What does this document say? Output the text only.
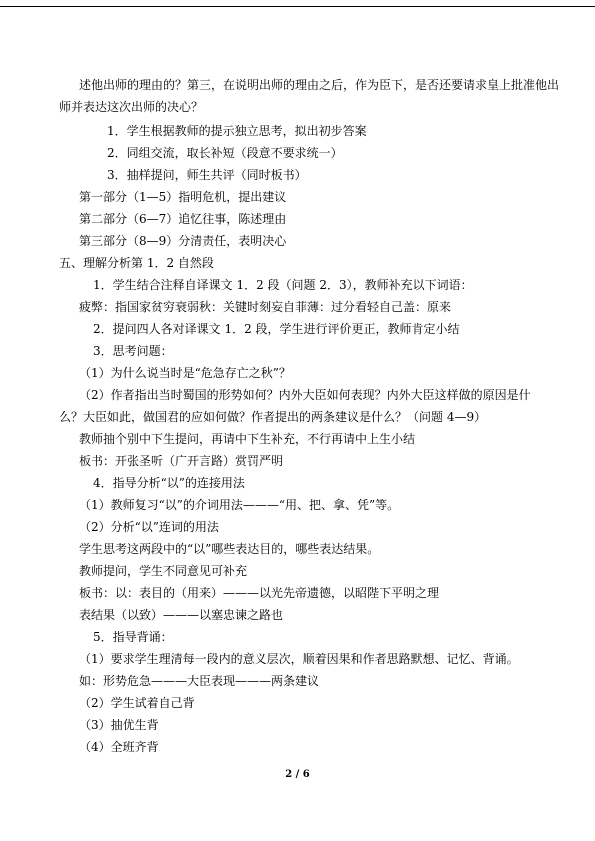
述他出师的理由的？第三，在说明出师的理由之后，作为臣下，是否还要请求皇上批准他出
师并表达这次出师的决心？
1．学生根据教师的提示独立思考，拟出初步答案
2．同组交流，取长补短（段意不要求统一）
3．抽样提问，师生共评（同时板书）
第一部分（1—5）指明危机，提出建议
第二部分（6—7）追忆往事，陈述理由
第三部分（8—9）分清责任，表明决心
五、理解分析第 1．2 自然段
1．学生结合注释自译课文 1．2 段（问题 2．3），教师补充以下词语：
疲弊：指国家贫穷衰弱秋：关键时刻妄自菲薄：过分看轻自己盖：原来
2．提问四人各对译课文 1．2 段，学生进行评价更正，教师肯定小结
3．思考问题：
（1）为什么说当时是“危急存亡之秋”？
（2）作者指出当时蜀国的形势如何？内外大臣如何表现？内外大臣这样做的原因是什
么？大臣如此，做国君的应如何做？作者提出的两条建议是什么？（问题 4—9）
教师抽个别中下生提问，再请中下生补充，不行再请中上生小结
板书：开张圣听（广开言路）赏罚严明
4．指导分析“以”的连接用法
（1）教师复习“以”的介词用法———“用、把、拿、凭”等。
（2）分析“以”连词的用法
学生思考这两段中的“以”哪些表达目的，哪些表达结果。
教师提问，学生不同意见可补充
板书：以：表目的（用来）———以光先帝遗德，以昭陛下平明之理
表结果（以致）———以塞忠谏之路也
5．指导背诵：
（1）要求学生理清每一段内的意义层次，顺着因果和作者思路默想、记忆、背诵。
如：形势危急———大臣表现———两条建议
（2）学生试着自己背
（3）抽优生背
（4）全班齐背
2 / 6
